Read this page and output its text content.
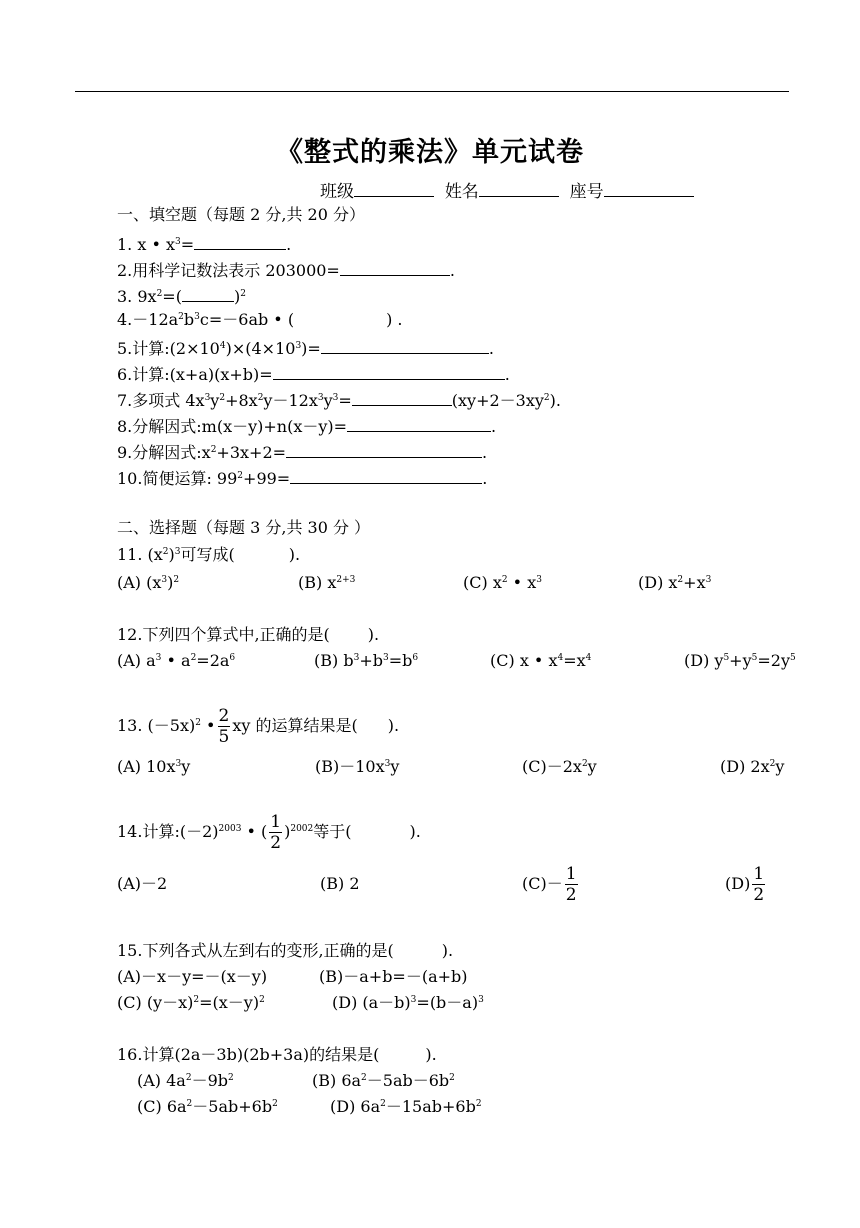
《整式的乘法》单元试卷
班级	姓名	座号
一、填空题（每题 2 分,共 20 分）
1. x • $x^3=$	.
2.用科学记数法表示 203000=	.
3. $9x^2=$(	)$^2$
$4.-12a^2b^3c=-6ab$ • (	) .
5.计算$:(2\times 10^4)\times(4\times 10^3)=$	.
6.计算:(x+a)(x+b)=	.
7.多项式 $4x^3y^2+8x^2y-12x^3y^3=$	$(xy+2-3xy^2)$.
8.分解因式:m(x－y)+n(x－y)=	.
9.分解因式$:x^2+3x+2=$	.
10.简便运算: $99^2+99=$	.
二、选择题（每题 3 分,共 30 分 ）
11. $(x^2)^3$可写成(	).
(A) $(x^3)^2$	(B) $x^{2+3}$	(C) $x^2$ • $x^3$	(D) $x^2+x^3$
12.下列四个算式中,正确的是( ).
(A) $a^3$ • $a^2=2a^6$	(B) $b^3+b^3=b^6$	(C) x • $x^4=x^4$	(D) $y^5+y^5=2y^5$
13. $(-5x)^2$ • $\frac{2}{5}$ xy 的运算结果是( ).
(A) $10x^3y$	$(B)-10x^3y$	$(C)-2x^2y$	(D) $2x^2y$
14.计算$:(-2)^{2003}$ • ( $\frac{1}{2} )^{2002}$等于(	).
(A)－2	(B) 2	$(C)- \frac{1}{2}$	$(D) \frac{1}{2}$
15.下列各式从左到右的变形,正确的是(	).
(A)－x－y=－(x－y)	(B)－a+b=－(a+b)
(C) $(y-x)^2=(x-y)^2$	(D) $(a-b)^3=(b-a)^3$
16.计算(2a－3b)(2b+3a)的结果是(	).
(A) $4a^2-9b^2$	(B) $6a^2-5ab-6b^2$
(C) $6a^2-5ab+6b^2$	(D) $6a^2-15ab+6b^2$
